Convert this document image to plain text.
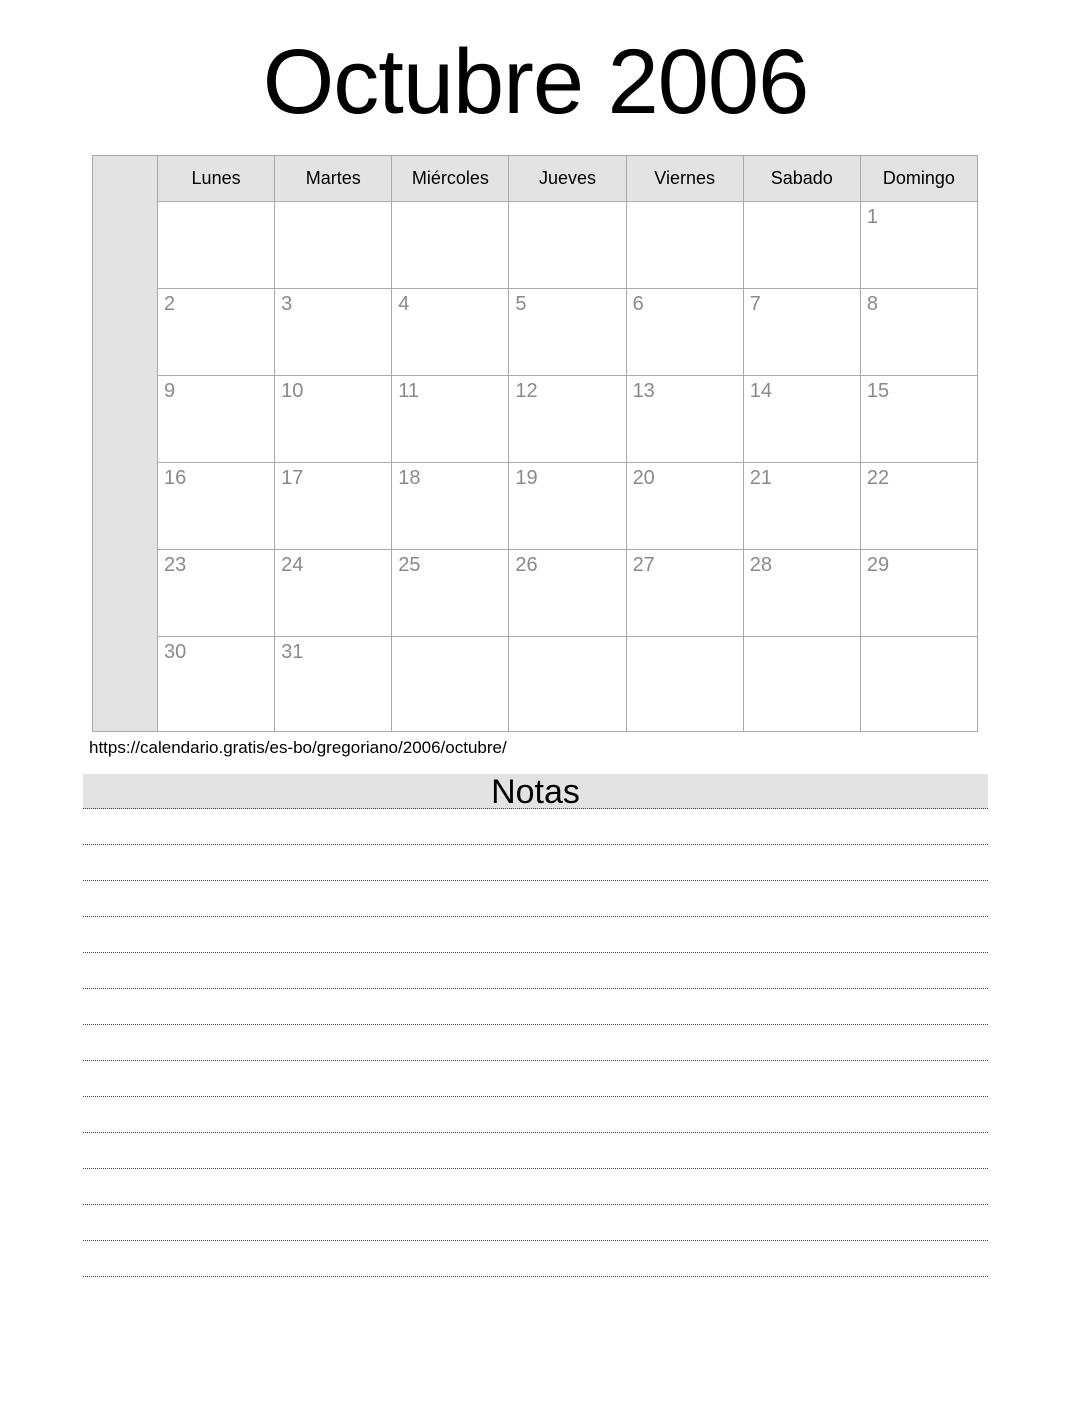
Octubre 2006
	Lunes	Martes	Miércoles	Jueves	Viernes	Sabado	Domingo
							1
	2	3	4	5	6	7	8
	9	10	11	12	13	14	15
	16	17	18	19	20	21	22
	23	24	25	26	27	28	29
	30	31					
https://calendario.gratis/es-bo/gregoriano/2006/octubre/
Notas
